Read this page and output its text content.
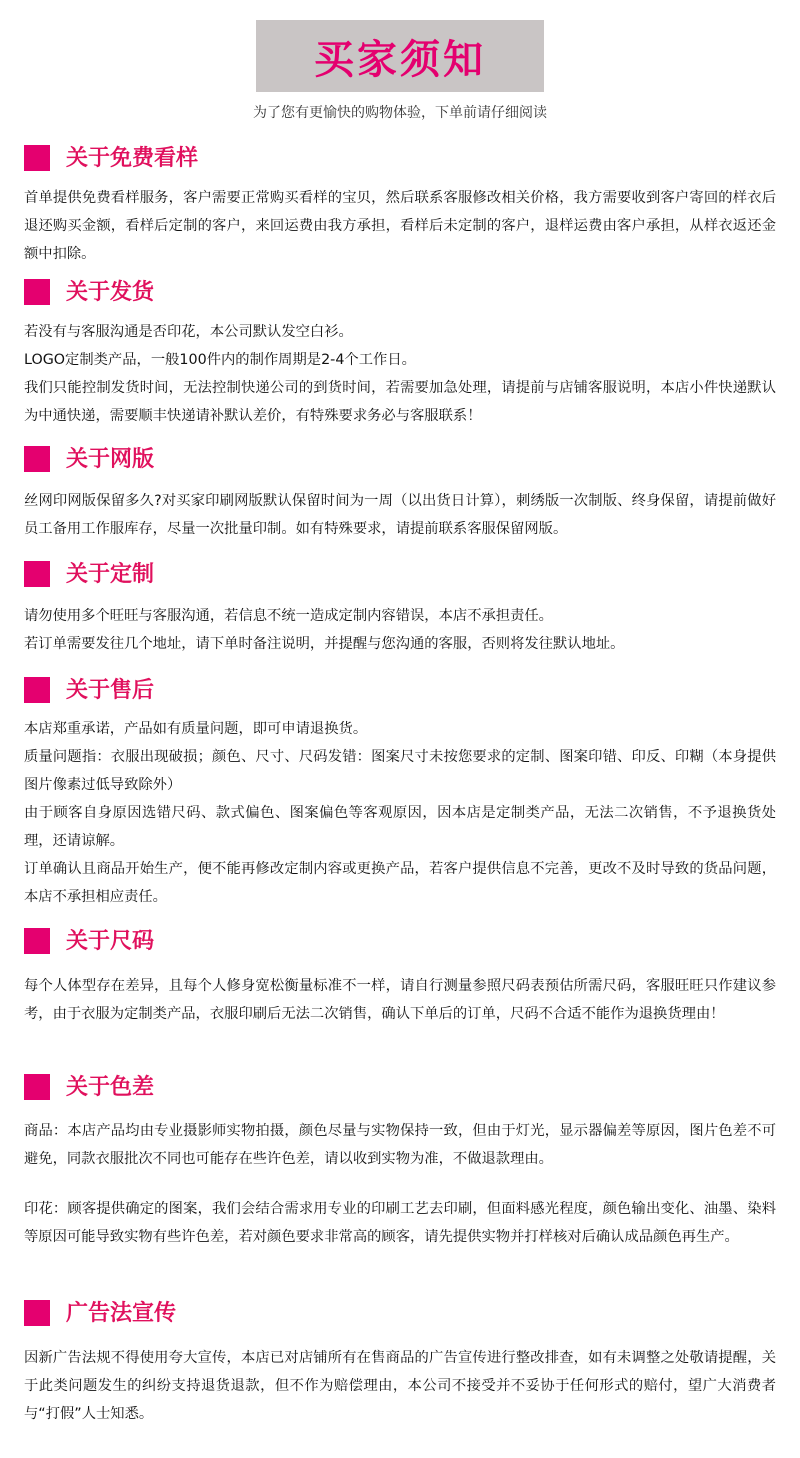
买家须知
为了您有更愉快的购物体验，下单前请仔细阅读
关于免费看样

首单提供免费看样服务，客户需要正常购买看样的宝贝，然后联系客服修改相关价格，我方需要收到客户寄回的样衣后退还购买金额，看样后定制的客户，来回运费由我方承担，看样后未定制的客户，退样运费由客户承担，从样衣返还金额中扣除。

关于发货

若没有与客服沟通是否印花，本公司默认发空白衫。

LOGO定制类产品，一般100件内的制作周期是2-4个工作日。

我们只能控制发货时间，无法控制快递公司的到货时间，若需要加急处理，请提前与店铺客服说明，本店小件快递默认为中通快递，需要顺丰快递请补默认差价，有特殊要求务必与客服联系！

关于网版

丝网印网版保留多久?对买家印刷网版默认保留时间为一周（以出货日计算），刺绣版一次制版、终身保留，请提前做好员工备用工作服库存，尽量一次批量印制。如有特殊要求，请提前联系客服保留网版。

关于定制

请勿使用多个旺旺与客服沟通，若信息不统一造成定制内容错误，本店不承担责任。

若订单需要发往几个地址，请下单时备注说明，并提醒与您沟通的客服，否则将发往默认地址。

关于售后

本店郑重承诺，产品如有质量问题，即可申请退换货。

质量问题指：衣服出现破损；颜色、尺寸、尺码发错：图案尺寸未按您要求的定制、图案印错、印反、印糊（本身提供图片像素过低导致除外）

由于顾客自身原因选错尺码、款式偏色、图案偏色等客观原因，因本店是定制类产品，无法二次销售，不予退换货处理，还请谅解。

订单确认且商品开始生产，便不能再修改定制内容或更换产品，若客户提供信息不完善，更改不及时导致的货品问题，本店不承担相应责任。

关于尺码

每个人体型存在差异，且每个人修身宽松衡量标准不一样，请自行测量参照尺码表预估所需尺码，客服旺旺只作建议参考，由于衣服为定制类产品，衣服印刷后无法二次销售，确认下单后的订单，尺码不合适不能作为退换货理由！

关于色差

商品：本店产品均由专业摄影师实物拍摄，颜色尽量与实物保持一致，但由于灯光，显示器偏差等原因，图片色差不可避免，同款衣服批次不同也可能存在些许色差，请以收到实物为准，不做退款理由。

印花：顾客提供确定的图案，我们会结合需求用专业的印刷工艺去印刷，但面料感光程度，颜色输出变化、油墨、染料等原因可能导致实物有些许色差，若对颜色要求非常高的顾客，请先提供实物并打样核对后确认成品颜色再生产。

广告法宣传

因新广告法规不得使用夸大宣传，本店已对店铺所有在售商品的广告宣传进行整改排查，如有未调整之处敬请提醒，关于此类问题发生的纠纷支持退货退款，但不作为赔偿理由，本公司不接受并不妥协于任何形式的赔付，望广大消费者与“打假”人士知悉。
